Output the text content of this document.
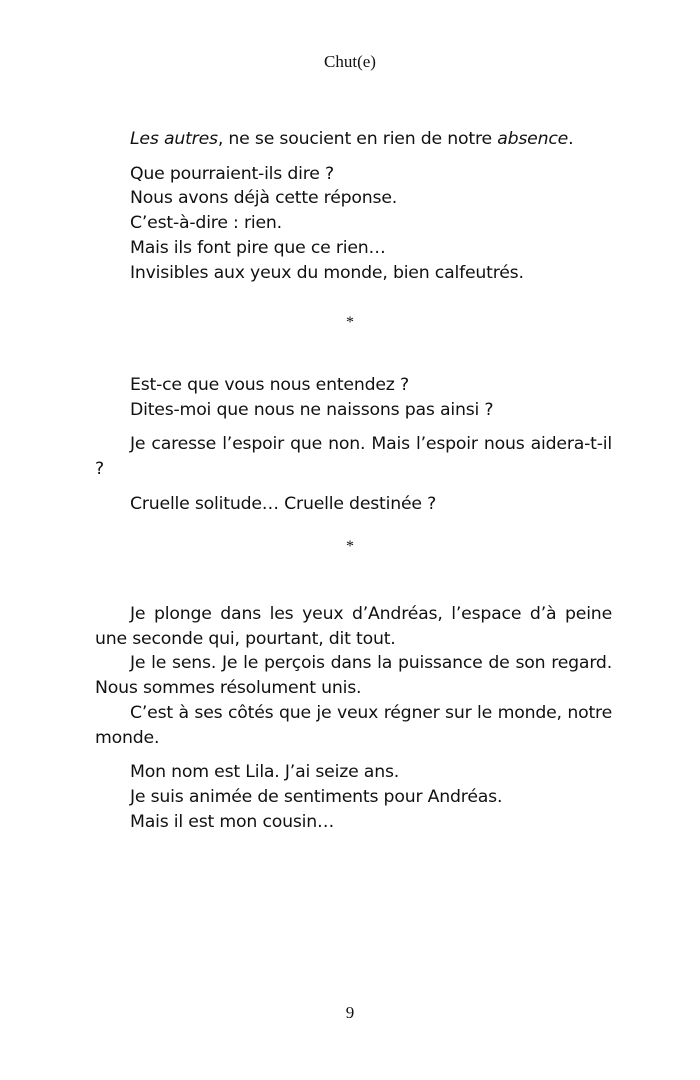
Chut(e)

Les autres, ne se soucient en rien de notre absence.

Que pourraient-ils dire ?

Nous avons déjà cette réponse.

C’est-à-dire : rien.

Mais ils font pire que ce rien…

Invisibles aux yeux du monde, bien calfeutrés.

*

Est-ce que vous nous entendez ?

Dites-moi que nous ne naissons pas ainsi ?

Je caresse l’espoir que non. Mais l’espoir nous aidera-t-il ?

Cruelle solitude… Cruelle destinée ?

*

Je plonge dans les yeux d’Andréas, l’espace d’à peine une seconde qui, pourtant, dit tout.

Je le sens. Je le perçois dans la puissance de son regard. Nous sommes résolument unis.

C’est à ses côtés que je veux régner sur le monde, notre monde.

Mon nom est Lila. J’ai seize ans.

Je suis animée de sentiments pour Andréas.

Mais il est mon cousin…

9
